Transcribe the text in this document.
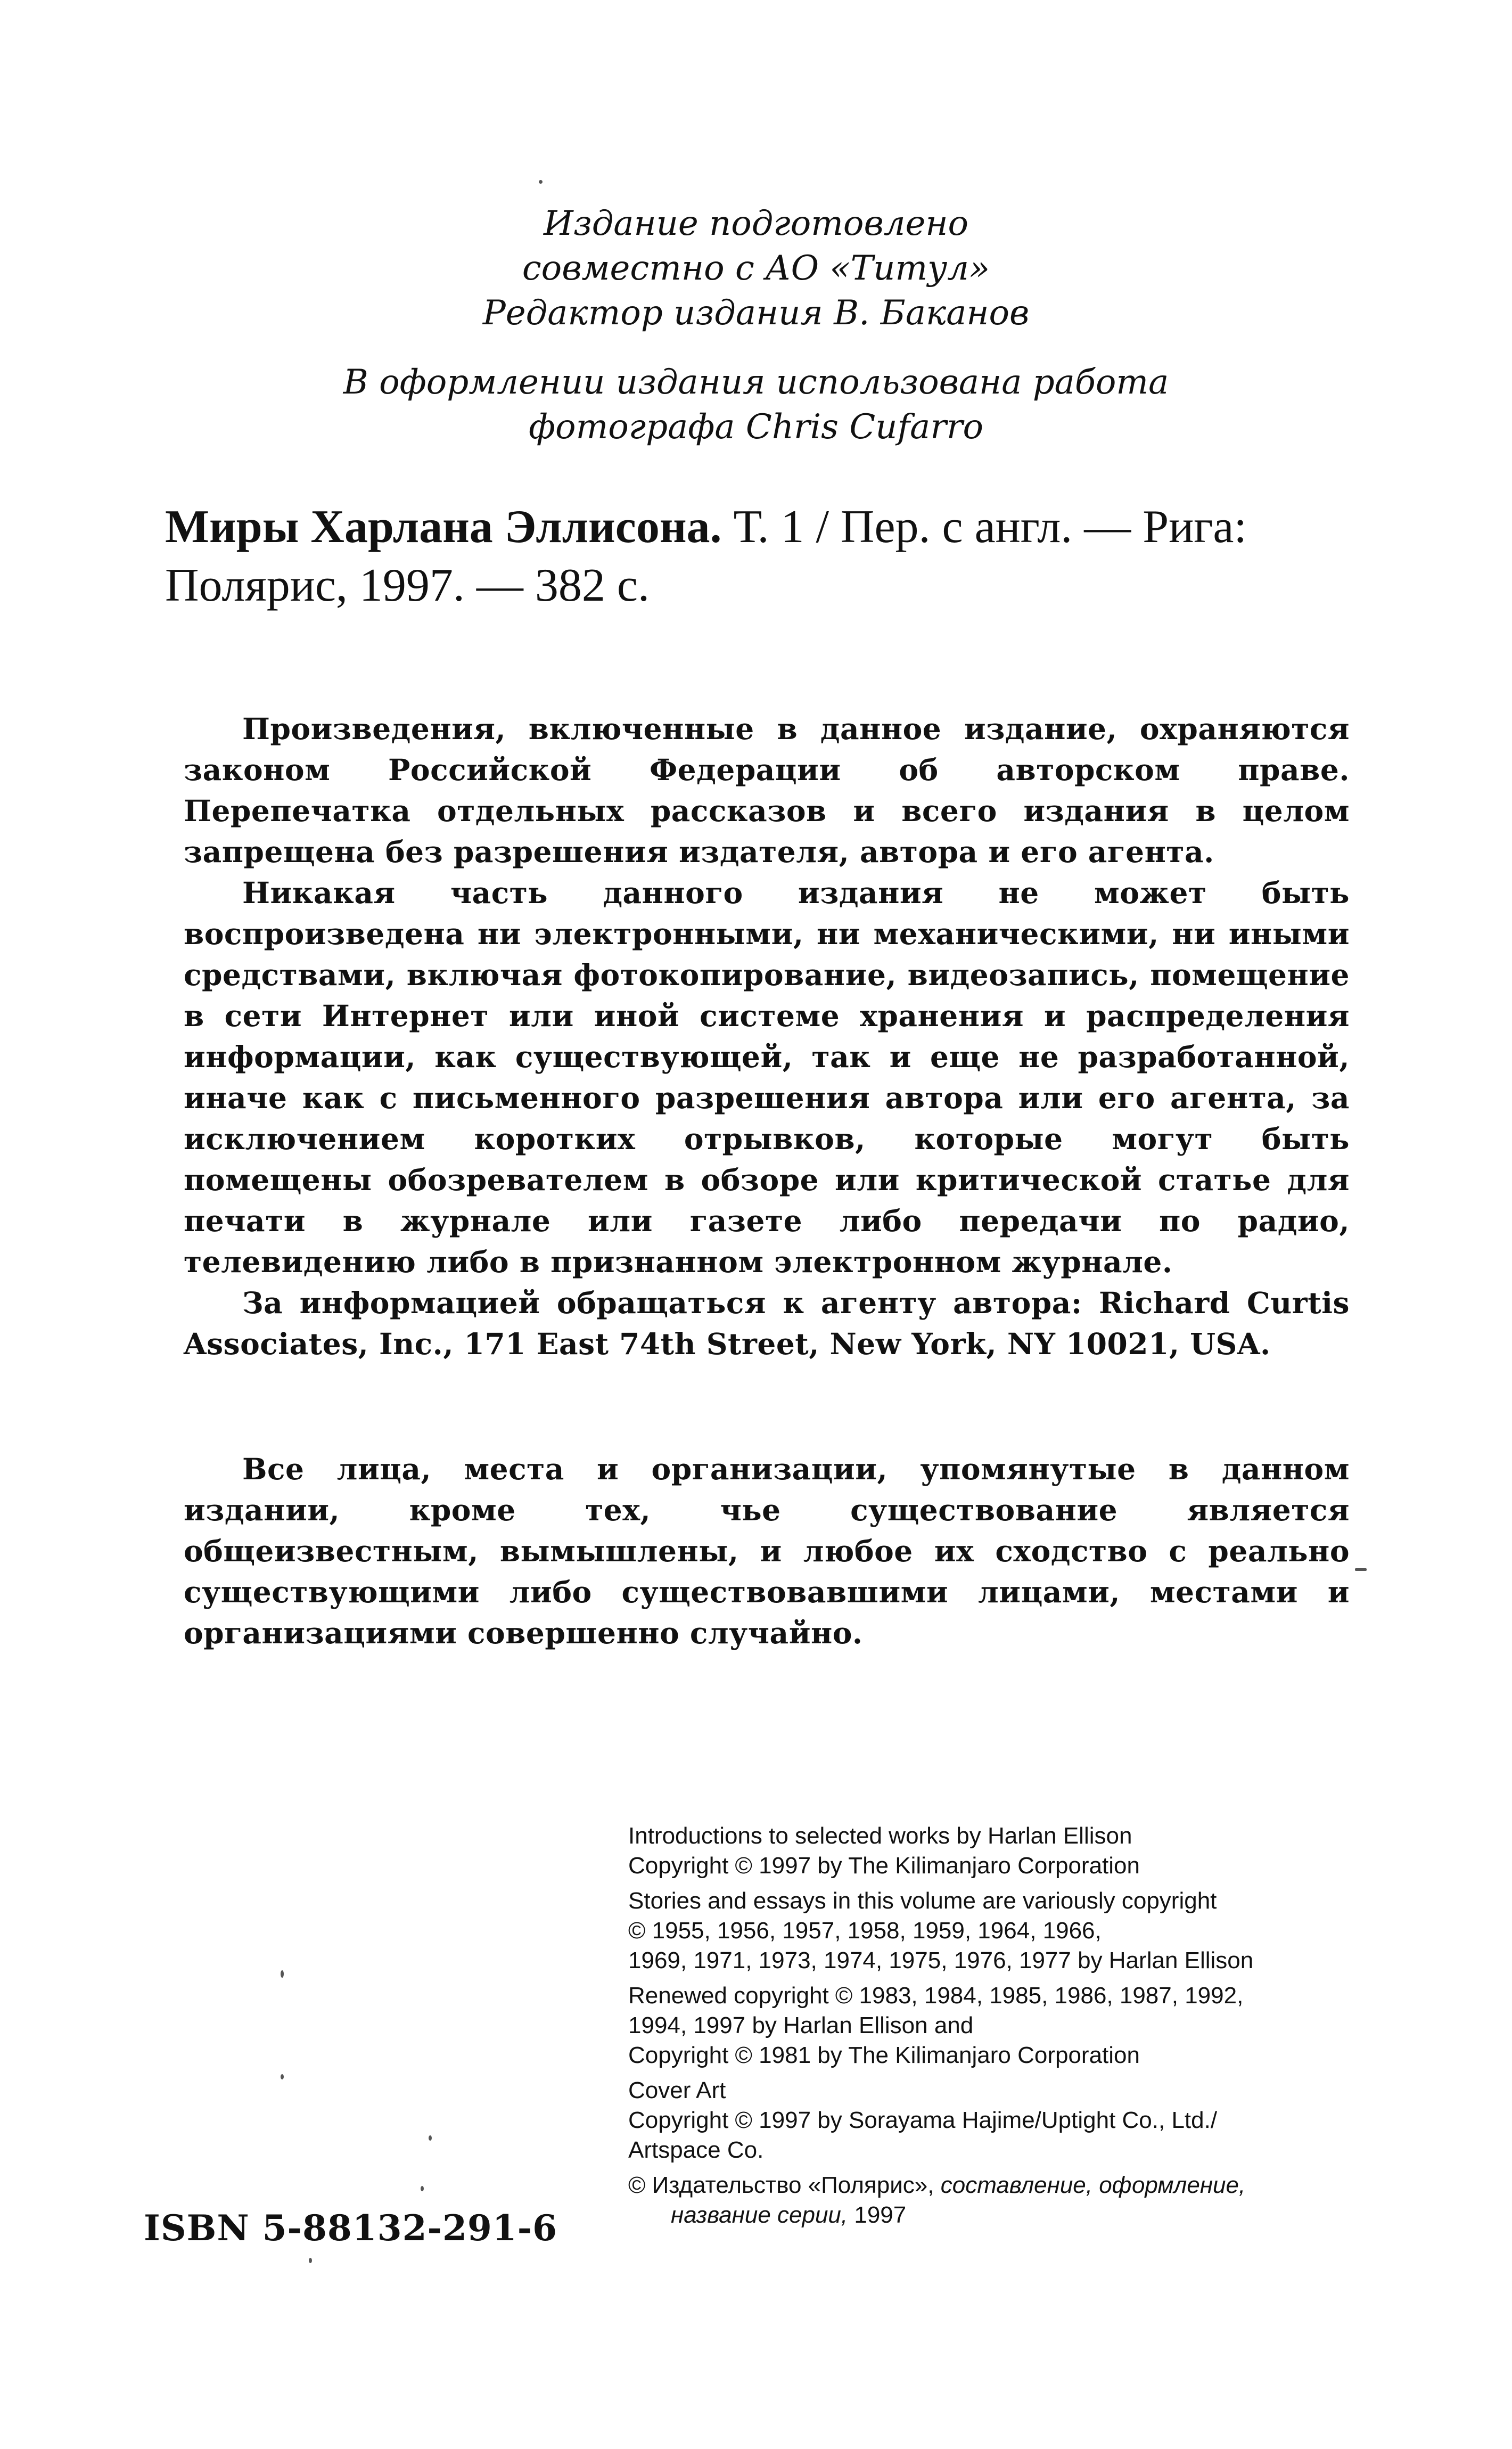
Издание подготовлено
совместно с АО «Титул»
Редактор издания В. Баканов
В оформлении издания использована работа
фотографа Chris Cufarro
Миры Харлана Эллисона. Т. 1 / Пер. с англ. — Рига:
Полярис, 1997. — 382 с.

Произведения, включенные в данное издание, охраняются законом Российской Федерации об авторском праве. Перепечатка отдельных рассказов и всего издания в целом запрещена без разрешения издателя, автора и его агента.

Никакая часть данного издания не может быть воспроизведена ни электронными, ни механическими, ни иными средствами, включая фотокопирование, видеозапись, помещение в сети Интернет или иной системе хранения и распределения информации, как существующей, так и еще не разработанной, иначе как с письменного разрешения автора или его агента, за исключением коротких отрывков, которые могут быть помещены обозревателем в обзоре или критической статье для печати в журнале или газете либо передачи по радио, телевидению либо в признанном электронном журнале.

За информацией обращаться к агенту автора: Richard Curtis Associates, Inc., 171 East 74th Street, New York, NY 10021, USA.

Все лица, места и организации, упомянутые в данном издании, кроме тех, чье существование является общеизвестным, вымышлены, и любое их сходство с реально существующими либо существовавшими лицами, местами и организациями совершенно случайно.

Introductions to selected works by Harlan Ellison
Copyright © 1997 by The Kilimanjaro Corporation
Stories and essays in this volume are variously copyright
© 1955, 1956, 1957, 1958, 1959, 1964, 1966,
1969, 1971, 1973, 1974, 1975, 1976, 1977 by Harlan Ellison
Renewed copyright © 1983, 1984, 1985, 1986, 1987, 1992,
1994, 1997 by Harlan Ellison and
Copyright © 1981 by The Kilimanjaro Corporation
Cover Art
Copyright © 1997 by Sorayama Hajime/Uptight Co., Ltd./
Artspace Co.
© Издательство «Полярис», составление, оформление,
название серии, 1997
ISBN 5-88132-291-6
